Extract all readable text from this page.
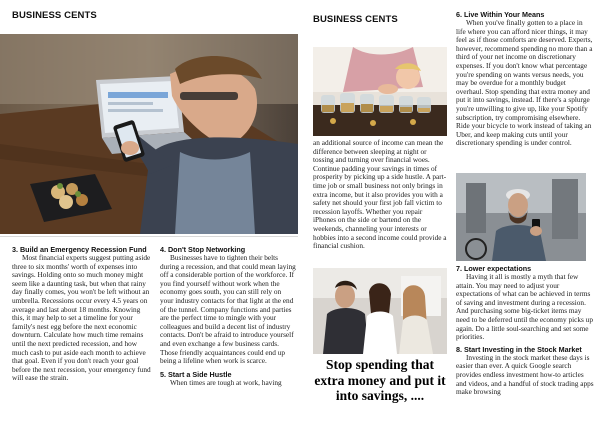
BUSINESS CENTS
3. Build an Emergency Recession Fund

Most financial experts suggest putting aside three to six months' worth of expenses into savings. Holding onto so much money might seem like a daunting task, but when that rainy day finally comes, you won't be left without an umbrella. Recessions occur every 4.5 years on average and last about 18 months. Knowing this, it may help to set a timeline for your family's nest egg before the next economic downturn. Calculate how much time remains until the next predicted recession, and how much cash to put aside each month to achieve that goal. Even if you don't reach your goal before the next recession, your emergency fund will ease the strain.

4. Don't Stop Networking

Businesses have to tighten their belts during a recession, and that could mean laying off a considerable portion of the workforce. If you find yourself without work when the economy goes south, you can still rely on your industry contacts for that light at the end of the tunnel. Company functions and parties are the perfect time to mingle with your colleagues and build a decent list of industry contacts. Don't be afraid to introduce yourself and even exchange a few business cards. Those friendly acquaintances could end up being a lifeline when work is scarce.

5. Start a Side Hustle

When times are tough at work, having

BUSINESS CENTS

an additional source of income can mean the difference between sleeping at night or tossing and turning over financial woes. Continue padding your savings in times of prosperity by picking up a side hustle. A part-time job or small business not only brings in extra income, but it also provides you with a safety net should your first job fall victim to recession layoffs. Whether you repair iPhones on the side or bartend on the weekends, channeling your interests or hobbies into a second income could provide a financial cushion.

Stop spending that extra money and put it into savings, ....
6. Live Within Your Means

When you've finally gotten to a place in life where you can afford nicer things, it may feel as if those comforts are deserved. Experts, however, recommend spending no more than a third of your net income on discretionary expenses. If you don't know what percentage you're spending on wants versus needs, you may be overdue for a monthly budget overhaul. Stop spending that extra money and put it into savings, instead. If there's a splurge you're unwilling to give up, like your Spotify subscription, try compromising elsewhere. Ride your bicycle to work instead of taking an Uber, and keep making cuts until your discretionary spending is under control.

7. Lower expectations

Having it all is mostly a myth that few attain. You may need to adjust your expectations of what can be achieved in terms of saving and investment during a recession. And purchasing some big-ticket items may need to be deferred until the economy picks up again. Do a little soul-searching and set some priorities.

8. Start Investing in the Stock Market

Investing in the stock market these days is easier than ever. A quick Google search provides endless investment how-to articles and videos, and a handful of stock trading apps make browsing
